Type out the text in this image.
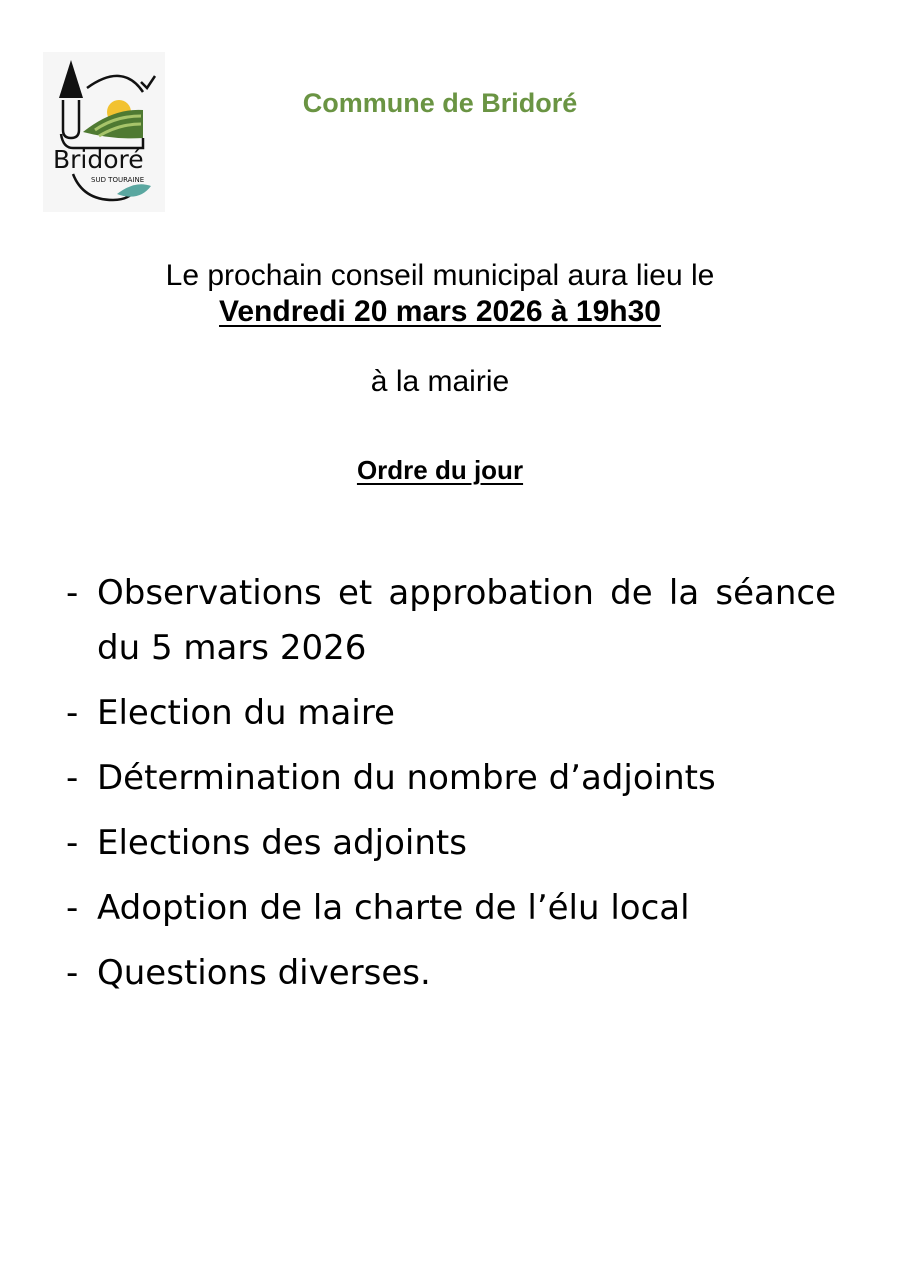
Bridoré
SUD TOURAINE
Commune de Bridoré
Le prochain conseil municipal aura lieu le
Vendredi 20 mars 2026 à 19h30
à la mairie
Ordre du jour
- Observations et approbation de la séance du 5 mars 2026
- Election du maire
- Détermination du nombre d’adjoints
- Elections des adjoints
- Adoption de la charte de l’élu local
- Questions diverses.
